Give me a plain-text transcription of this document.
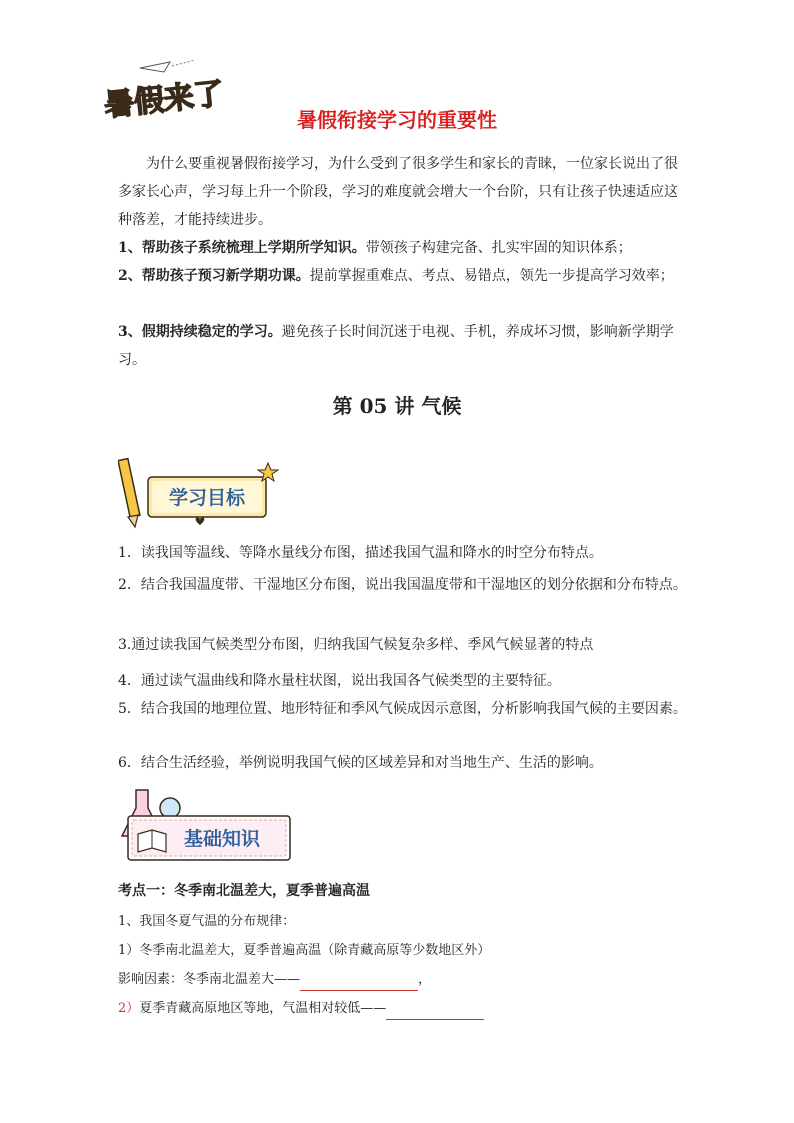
暑假来了	暑假衔接学习的重要性
为什么要重视暑假衔接学习，为什么受到了很多学生和家长的青睐，一位家长说出了很多家长心声，学习每上升一个阶段，学习的难度就会增大一个台阶，只有让孩子快速适应这种落差，才能持续进步。
1、帮助孩子系统梳理上学期所学知识。带领孩子构建完备、扎实牢固的知识体系；
2、帮助孩子预习新学期功课。提前掌握重难点、考点、易错点，领先一步提高学习效率；
3、假期持续稳定的学习。避免孩子长时间沉迷于电视、手机，养成坏习惯，影响新学期学习。
第 05 讲 气候
学习目标
1．读我国等温线、等降水量线分布图，描述我国气温和降水的时空分布特点。
2．结合我国温度带、干湿地区分布图，说出我国温度带和干湿地区的划分依据和分布特点。
3.通过读我国气候类型分布图，归纳我国气候复杂多样、季风气候显著的特点
4．通过读气温曲线和降水量柱状图，说出我国各气候类型的主要特征。
5．结合我国的地理位置、地形特征和季风气候成因示意图，分析影响我国气候的主要因素。
6．结合生活经验，举例说明我国气候的区域差异和对当地生产、生活的影响。
基础知识
考点一：冬季南北温差大，夏季普遍高温
1、我国冬夏气温的分布规律：
1）冬季南北温差大，夏季普遍高温（除青藏高原等少数地区外）
影响因素：冬季南北温差大——	，
2）夏季青藏高原地区等地，气温相对较低——
